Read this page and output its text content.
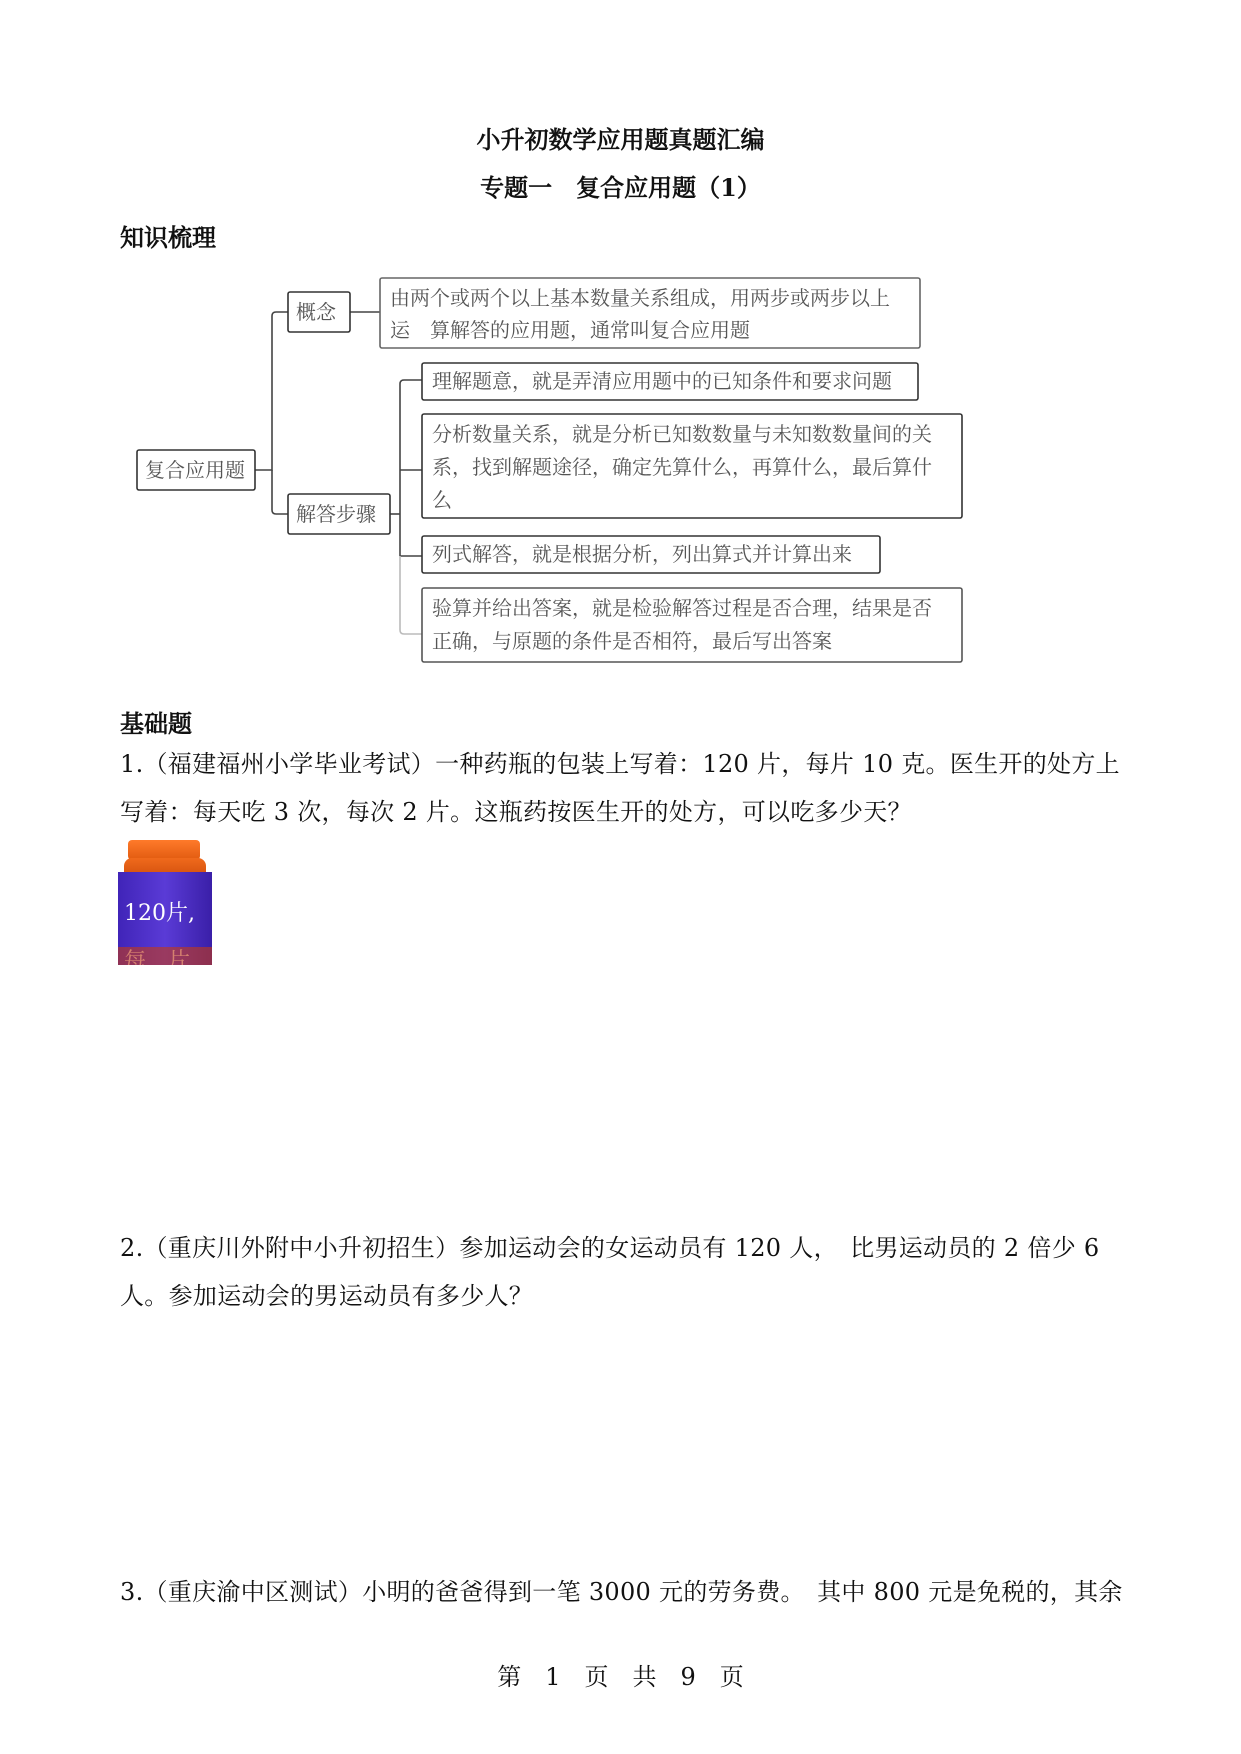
小升初数学应用题真题汇编
专题一　复合应用题（1）
知识梳理
复合应用题
概念
由两个或两个以上基本数量关系组成，用两步或两步以上
运　算解答的应用题，通常叫复合应用题
解答步骤
理解题意，就是弄清应用题中的已知条件和要求问题
分析数量关系，就是分析已知数数量与未知数数量间的关
系，找到解题途径，确定先算什么，再算什么，最后算什
么
列式解答，就是根据分析，列出算式并计算出来
验算并给出答案，就是检验解答过程是否合理，结果是否
正确，与原题的条件是否相符，最后写出答案
基础题
1.（福建福州小学毕业考试）一种药瓶的包装上写着：120 片，每片 10 克。医生开的处方上写着：每天吃 3 次，每次 2 片。这瓶药按医生开的处方，可以吃多少天？
120片,
2.（重庆川外附中小升初招生）参加运动会的女运动员有 120 人，　比男运动员的 2 倍少 6 人。参加运动会的男运动员有多少人？
3.（重庆渝中区测试）小明的爸爸得到一笔 3000 元的劳务费。　其中 800 元是免税的，其余
第　1　页　共　9　页
